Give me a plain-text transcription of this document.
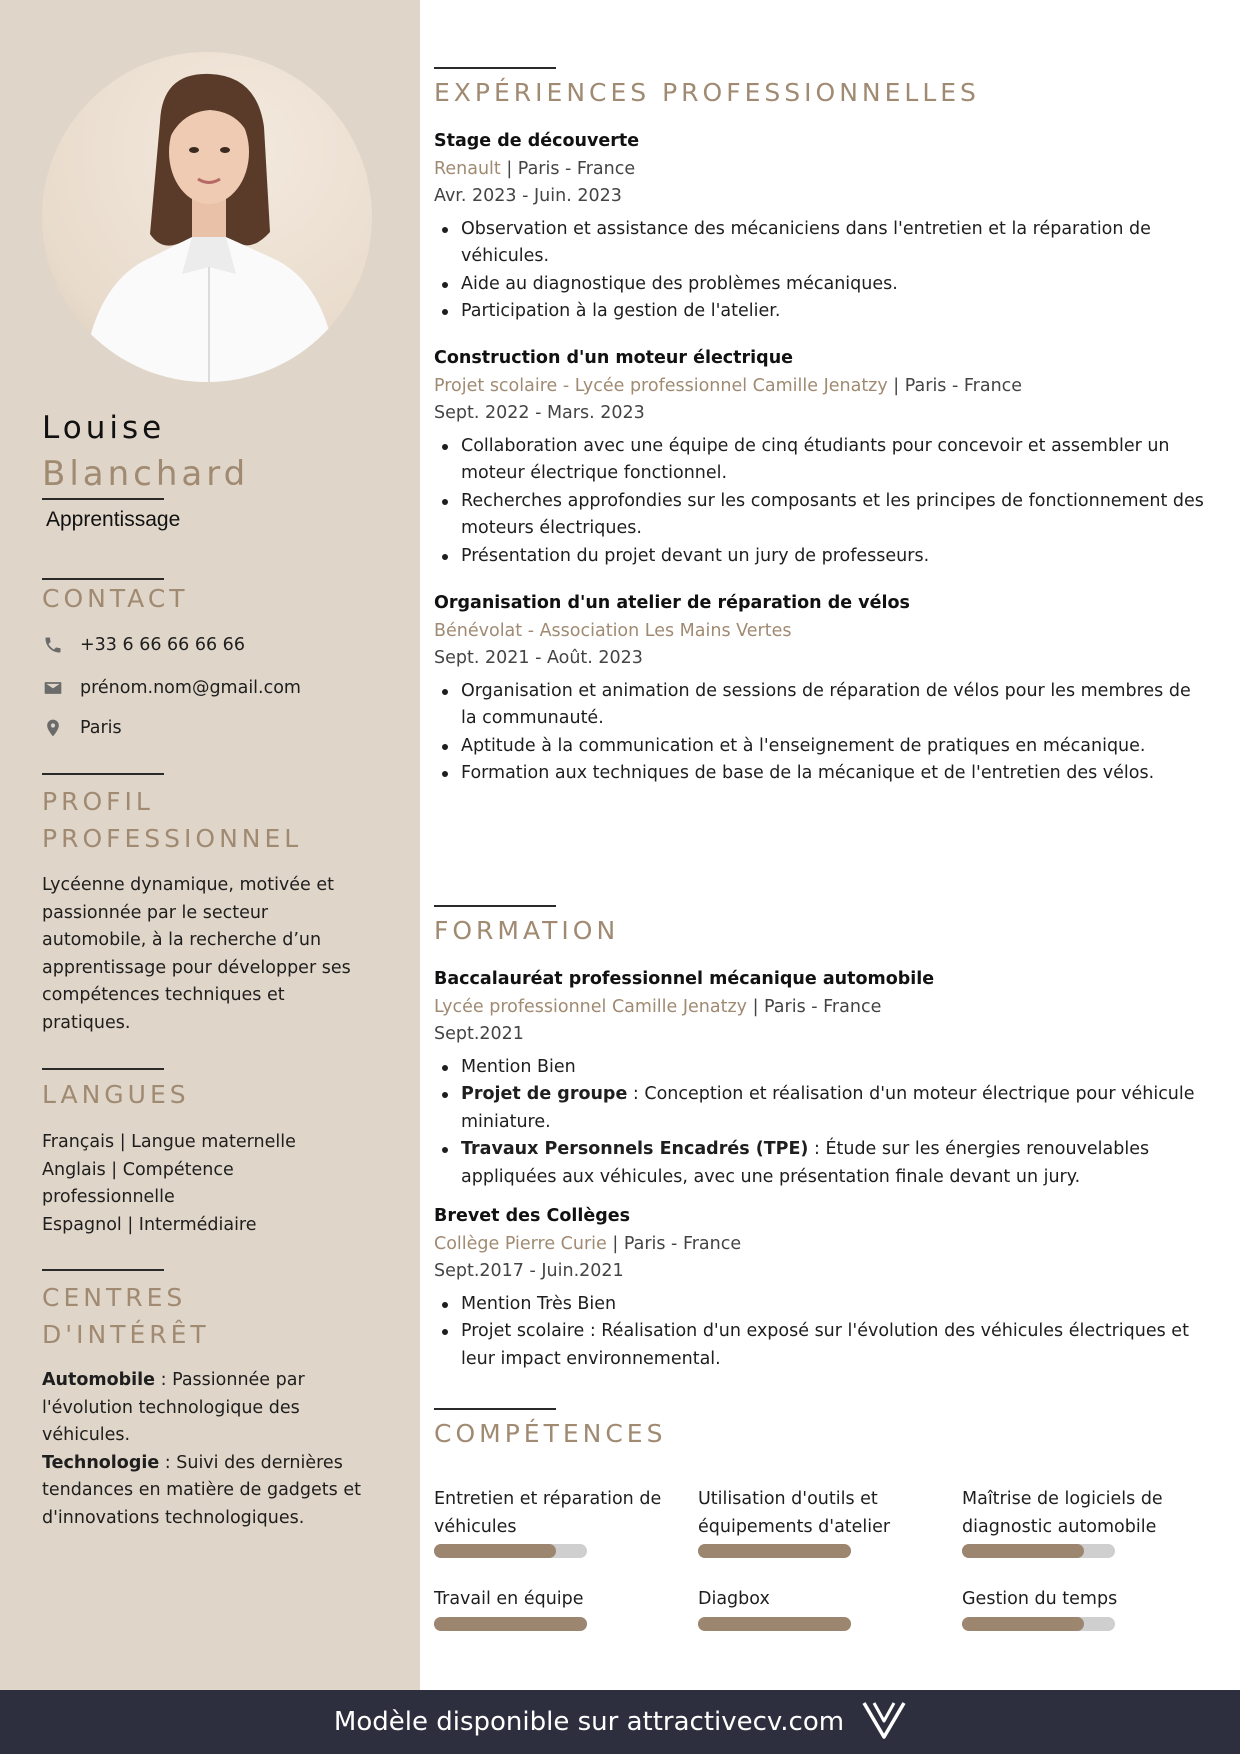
Louise
Blanchard
Apprentissage
CONTACT
+33 6 66 66 66 66
prénom.nom@gmail.com
Paris
PROFIL
PROFESSIONNEL
Lycéenne dynamique, motivée et passionnée par le secteur automobile, à la recherche d’un apprentissage pour développer ses compétences techniques et pratiques.
LANGUES
Français | Langue maternelle
Anglais | Compétence professionnelle
Espagnol | Intermédiaire
CENTRES
D'INTÉRÊT
Automobile : Passionnée par l'évolution technologique des véhicules.
Technologie : Suivi des dernières tendances en matière de gadgets et d'innovations technologiques.
EXPÉRIENCES PROFESSIONNELLES
Stage de découverte
Renault | Paris - France
Avr. 2023 - Juin. 2023
Observation et assistance des mécaniciens dans l'entretien et la réparation de véhicules.
Aide au diagnostique des problèmes mécaniques.
Participation à la gestion de l'atelier.
Construction d'un moteur électrique
Projet scolaire - Lycée professionnel Camille Jenatzy | Paris - France
Sept. 2022 - Mars. 2023
Collaboration avec une équipe de cinq étudiants pour concevoir et assembler un moteur électrique fonctionnel.
Recherches approfondies sur les composants et les principes de fonctionnement des moteurs électriques.
Présentation du projet devant un jury de professeurs.
Organisation d'un atelier de réparation de vélos
Bénévolat - Association Les Mains Vertes
Sept. 2021 - Août. 2023
Organisation et animation de sessions de réparation de vélos pour les membres de la communauté.
Aptitude à la communication et à l'enseignement de pratiques en mécanique.
Formation aux techniques de base de la mécanique et de l'entretien des vélos.
FORMATION
Baccalauréat professionnel mécanique automobile
Lycée professionnel Camille Jenatzy | Paris - France
Sept.2021
Mention Bien
Projet de groupe : Conception et réalisation d'un moteur électrique pour véhicule miniature.
Travaux Personnels Encadrés (TPE) : Étude sur les énergies renouvelables appliquées aux véhicules, avec une présentation finale devant un jury.
Brevet des Collèges
Collège Pierre Curie | Paris - France
Sept.2017 - Juin.2021
Mention Très Bien
Projet scolaire : Réalisation d'un exposé sur l'évolution des véhicules électriques et leur impact environnemental.
COMPÉTENCES
Entretien et réparation de véhicules
Utilisation d'outils et équipements d'atelier
Maîtrise de logiciels de diagnostic automobile
Travail en équipe	Diagbox	Gestion du temps
Modèle disponible sur attractivecv.com
